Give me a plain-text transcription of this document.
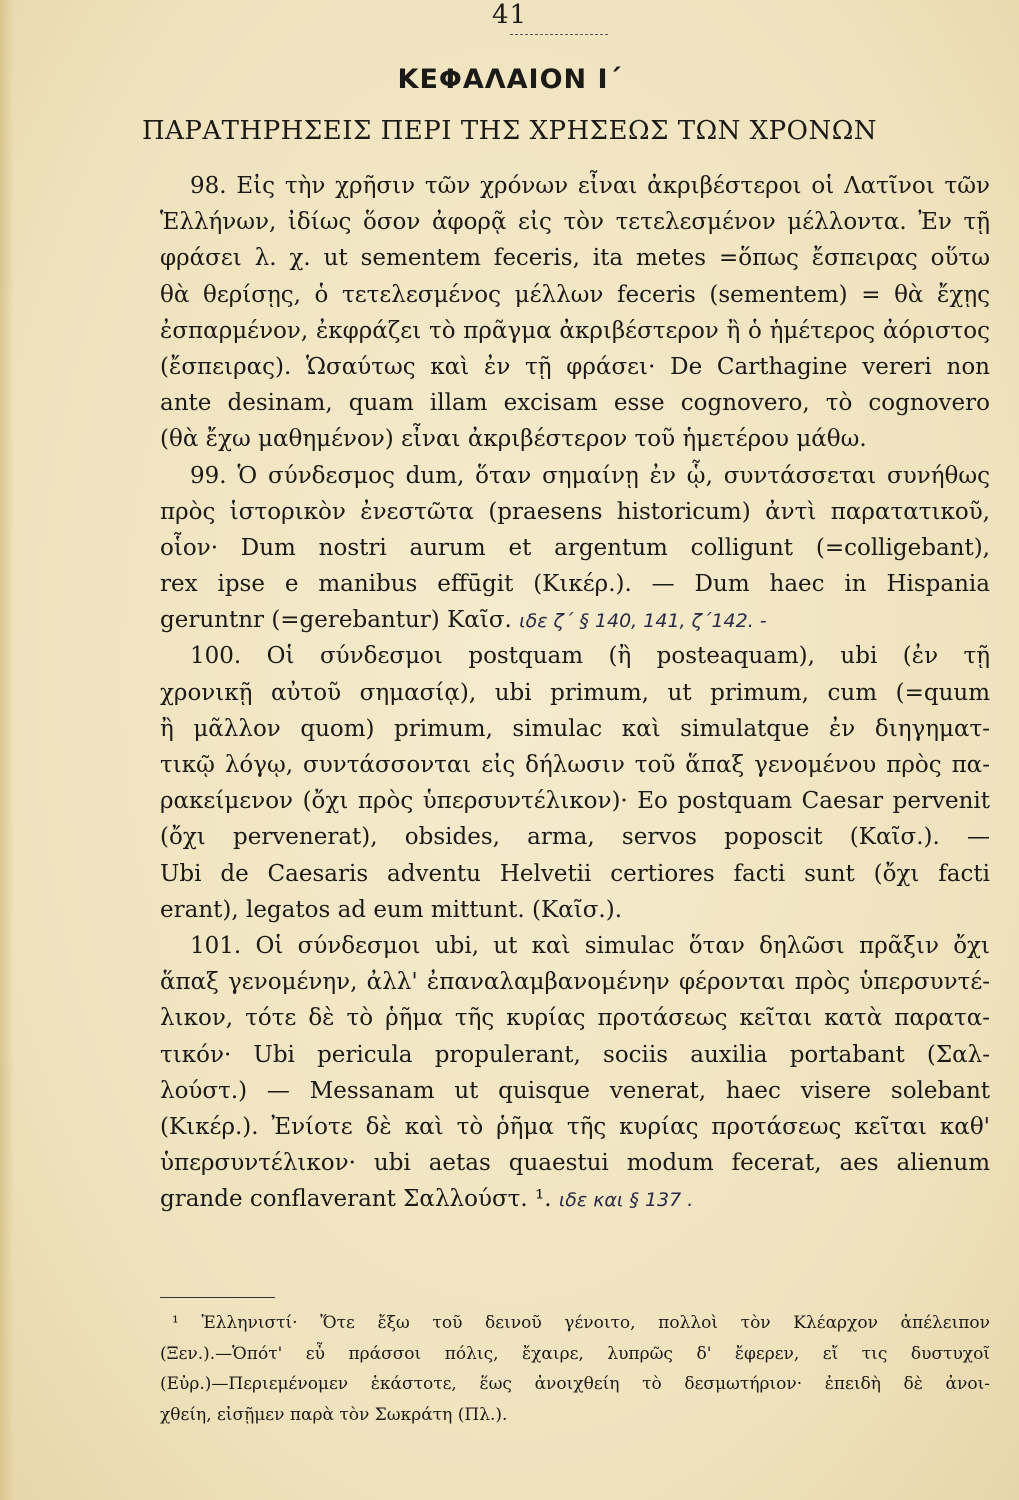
41
ΚΕΦΑΛΑΙΟΝ Ι΄
ΠΑΡΑΤΗΡΗΣΕΙΣ ΠΕΡΙ ΤΗΣ ΧΡΗΣΕΩΣ ΤΩΝ ΧΡΟΝΩΝ
98. Εἰς τὴν χρῆσιν τῶν χρόνων εἶναι ἀκριβέστεροι οἱ Λατῖνοι τῶν
Ἑλλήνων, ἰδίως ὅσον ἀφορᾷ εἰς τὸν τετελεσμένον μέλλοντα. Ἐν τῇ
φράσει λ. χ. ut sementem feceris, ita metes =ὅπως ἔσπειρας οὕτω
θὰ θερίσῃς, ὁ τετελεσμένος μέλλων feceris (sementem) = θὰ ἔχῃς
ἐσπαρμένον, ἐκφράζει τὸ πρᾶγμα ἀκριβέστερον ἢ ὁ ἡμέτερος ἀόριστος
(ἔσπειρας). Ὡσαύτως καὶ ἐν τῇ φράσει· De Carthagine vereri non
ante desinam, quam illam excisam esse cognovero, τὸ cognovero
(θὰ ἔχω μαθημένον) εἶναι ἀκριβέστερον τοῦ ἡμετέρου μάθω.
99. Ὁ σύνδεσμος dum, ὅταν σημαίνῃ ἐν ᾧ, συντάσσεται συνήθως
πρὸς ἱστορικὸν ἐνεστῶτα (praesens historicum) ἀντὶ παρατατικοῦ,
οἷον· Dum nostri aurum et argentum colligunt (=colligebant),
rex ipse e manibus effūgit (Κικέρ.). — Dum haec in Hispania
geruntnr (=gerebantur) Καῖσ. ιδε ζ΄ § 140, 141, ζ΄142. -
100. Οἱ σύνδεσμοι postquam (ἢ posteaquam), ubi (ἐν τῇ
χρονικῇ αὐτοῦ σημασίᾳ), ubi primum, ut primum, cum (=quum
ἢ μᾶλλον quom) primum, simulac καὶ simulatque ἐν διηγηματ-
τικῷ λόγῳ, συντάσσονται εἰς δήλωσιν τοῦ ἅπαξ γενομένου πρὸς πα-
ρακείμενον (ὄχι πρὸς ὑπερσυντέλικον)· Eo postquam Caesar pervenit
(ὄχι pervenerat), obsides, arma, servos poposcit (Καῖσ.). —
Ubi de Caesaris adventu Helvetii certiores facti sunt (ὄχι facti
erant), legatos ad eum mittunt. (Καῖσ.).
101. Οἱ σύνδεσμοι ubi, ut καὶ simulac ὅταν δηλῶσι πρᾶξιν ὄχι
ἅπαξ γενομένην, ἀλλ' ἐπαναλαμβανομένην φέρονται πρὸς ὑπερσυντέ-
λικον, τότε δὲ τὸ ῥῆμα τῆς κυρίας προτάσεως κεῖται κατὰ παρατα-
τικόν· Ubi pericula propulerant, sociis auxilia portabant (Σαλ-
λούστ.) — Messanam ut quisque venerat, haec visere solebant
(Κικέρ.). Ἐνίοτε δὲ καὶ τὸ ῥῆμα τῆς κυρίας προτάσεως κεῖται καθ'
ὑπερσυντέλικον· ubi aetas quaestui modum fecerat, aes alienum
grande conflaverant Σαλλούστ. ¹. ιδε και § 137 .
¹ Ἑλληνιστί· Ὅτε ἔξω τοῦ δεινοῦ γένοιτο, πολλοὶ τὸν Κλέαρχον ἀπέλειπον
(Ξεν.).—Ὁπότ' εὖ πράσσοι πόλις, ἔχαιρε, λυπρῶς δ' ἔφερεν, εἴ τις δυστυχοῖ
(Εὐρ.)—Περιεμένομεν ἑκάστοτε, ἕως ἀνοιχθείη τὸ δεσμωτήριον· ἐπειδὴ δὲ ἀνοι-
χθείη, εἰσῇμεν παρὰ τὸν Σωκράτη (Πλ.).
